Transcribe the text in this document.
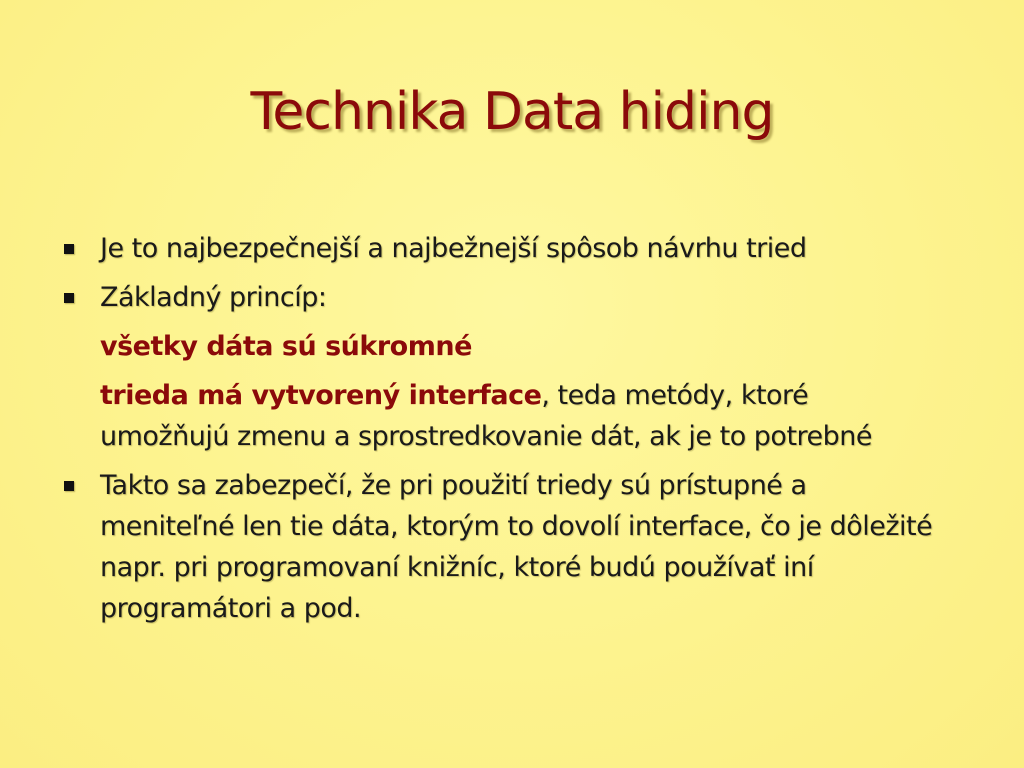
Technika Data hiding
Je to najbezpečnejší a najbežnejší spôsob návrhu tried
Základný princíp:
všetky dáta sú súkromné
trieda má vytvorený interface, teda metódy, ktoré umožňujú zmenu a sprostredkovanie dát, ak je to potrebné
Takto sa zabezpečí, že pri použití triedy sú prístupné a meniteľné len tie dáta, ktorým to dovolí interface, čo je dôležité napr. pri programovaní knižníc, ktoré budú používať iní programátori a pod.
